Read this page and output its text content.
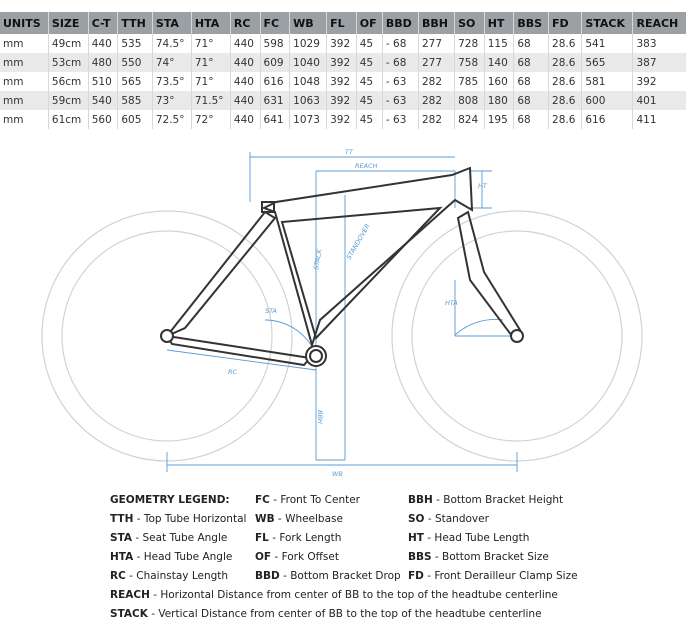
UNITS	SIZE	C-T	TTH	STA	HTA	RC	FC	WB	FL	OF	BBD	BBH	SO	HT	BBS	FD	STACK	REACH
mm	49cm	440	535	74.5°	71°	440	598	1029	392	45	- 68	277	728	115	68	28.6	541	383
mm	53cm	480	550	74°	71°	440	609	1040	392	45	- 68	277	758	140	68	28.6	565	387
mm	56cm	510	565	73.5°	71°	440	616	1048	392	45	- 63	282	785	160	68	28.6	581	392
mm	59cm	540	585	73°	71.5°	440	631	1063	392	45	- 63	282	808	180	68	28.6	600	401
mm	61cm	560	605	72.5°	72°	440	641	1073	392	45	- 63	282	824	195	68	28.6	616	411
TT
REACH
HT
STACK	STANDOVER
STA
HTA
RC
BBH
WB
GEOMETRY LEGEND: FC - Front To Center	BBH - Bottom Bracket Height
TTH - Top Tube Horizontal WB - Wheelbase	SO - Standover
STA - Seat Tube Angle	FL - Fork Length	HT - Head Tube Length
HTA - Head Tube Angle OF - Fork Offset	BBS - Bottom Bracket Size
RC - Chainstay Length	BBD - Bottom Bracket Drop FD - Front Derailleur Clamp Size
REACH - Horizontal Distance from center of BB to the top of the headtube centerline
STACK - Vertical Distance from center of BB to the top of the headtube centerline
